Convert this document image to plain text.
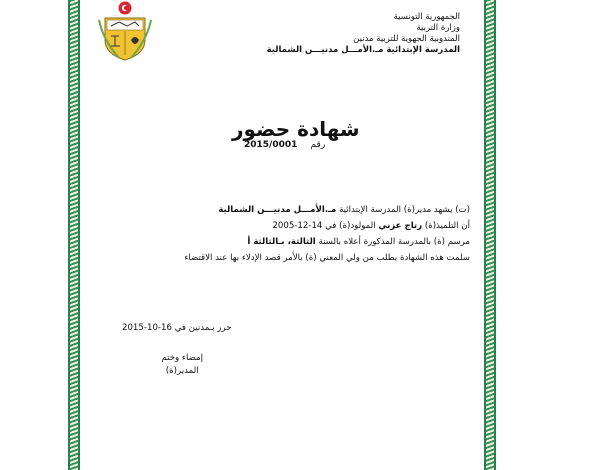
الجمهورية التونسية
وزارة التربية
المندوبية الجهوية للتربية مدنين
المدرسة الإبتدائية مـ.الأمـــل مدنيـــن الشمالية
شهادة حضور
رقم 2015/0001
(ت) يشهد مدير(ة) المدرسة الإبتدائية مـ.الأمـــل مدنيـــن الشمالية
أن التلميذ(ة) رتاج عزني المولود(ة) في 14-12-2005
مرسم (ة) بالمدرسة المذكورة أعلاه بالسنة الثالثة، بـالثالثة أ
سلمت هذه الشهادة بطلب من ولي المعني (ة) بالأمر قصد الإدلاء بها عند الاقتضاء
حرر بـمدنين في 16-10-2015
إمضاء وختم
المدير(ة)
